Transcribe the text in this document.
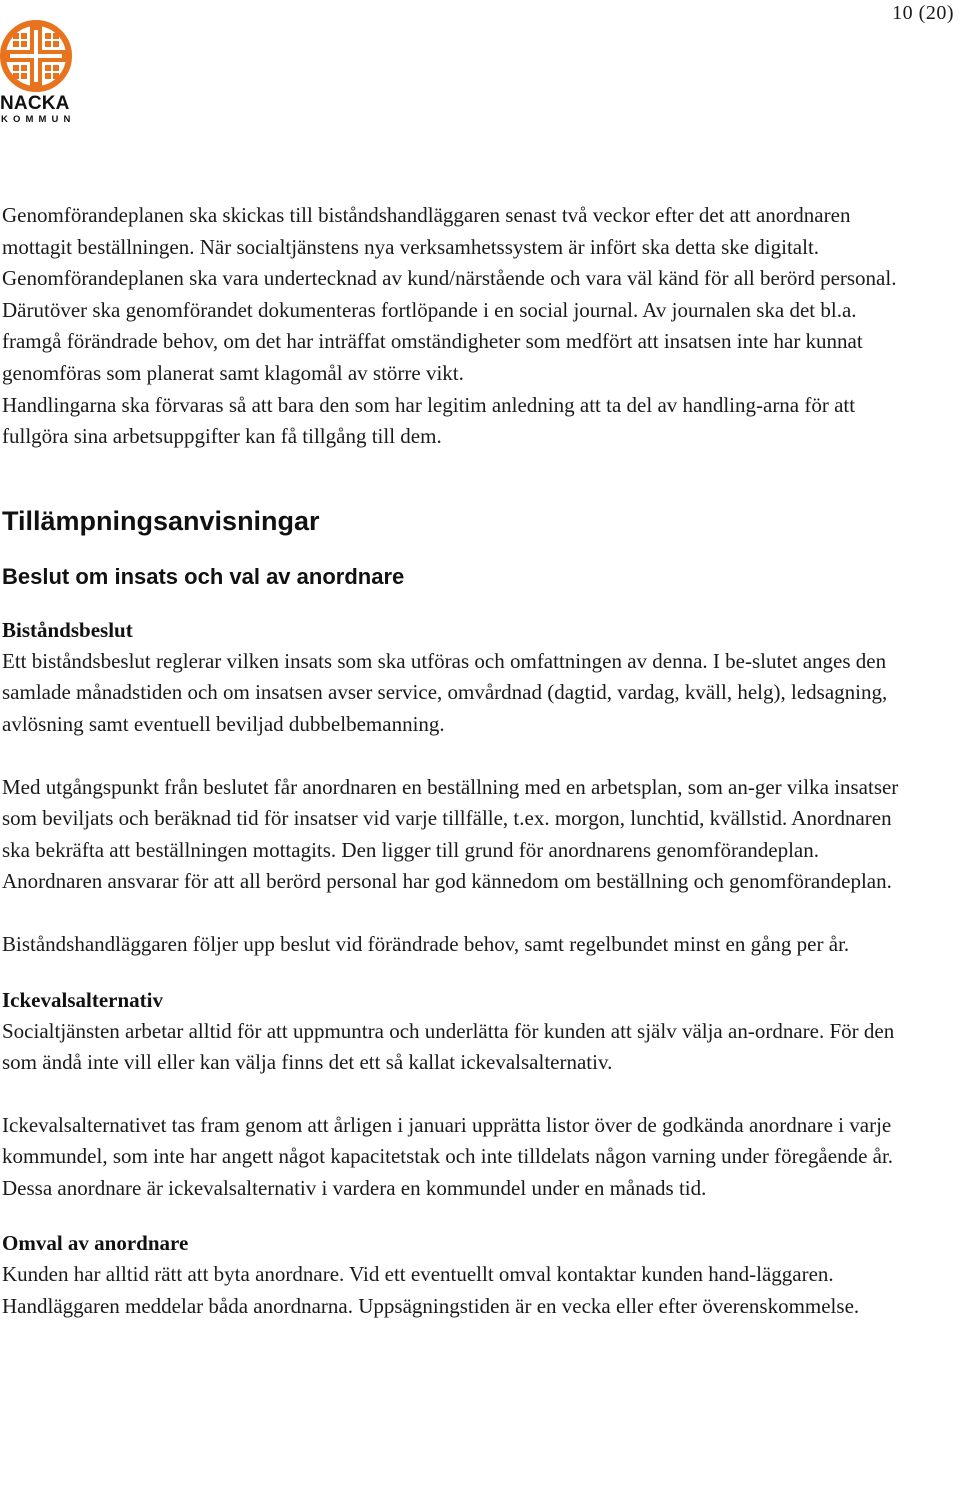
10 (20)
NACKA
KOMMUN

Genomförandeplanen ska skickas till biståndshandläggaren senast två veckor efter det att anordnaren mottagit beställningen. När socialtjänstens nya verksamhetssystem är infört ska detta ske digitalt. Genomförandeplanen ska vara undertecknad av kund/närstående och vara väl känd för all berörd personal.

Därutöver ska genomförandet dokumenteras fortlöpande i en social journal. Av journalen ska det bl.a. framgå förändrade behov, om det har inträffat omständigheter som medfört att insatsen inte har kunnat genomföras som planerat samt klagomål av större vikt.

Handlingarna ska förvaras så att bara den som har legitim anledning att ta del av handling-arna för att fullgöra sina arbetsuppgifter kan få tillgång till dem.

Tillämpningsanvisningar
Beslut om insats och val av anordnare
Biståndsbeslut

Ett biståndsbeslut reglerar vilken insats som ska utföras och omfattningen av denna. I be-slutet anges den samlade månadstiden och om insatsen avser service, omvårdnad (dagtid, vardag, kväll, helg), ledsagning, avlösning samt eventuell beviljad dubbelbemanning.

Med utgångspunkt från beslutet får anordnaren en beställning med en arbetsplan, som an-ger vilka insatser som beviljats och beräknad tid för insatser vid varje tillfälle, t.ex. morgon, lunchtid, kvällstid. Anordnaren ska bekräfta att beställningen mottagits. Den ligger till grund för anordnarens genomförandeplan. Anordnaren ansvarar för att all berörd personal har god kännedom om beställning och genomförandeplan.

Biståndshandläggaren följer upp beslut vid förändrade behov, samt regelbundet minst en gång per år.

Ickevalsalternativ

Socialtjänsten arbetar alltid för att uppmuntra och underlätta för kunden att själv välja an-ordnare. För den som ändå inte vill eller kan välja finns det ett så kallat ickevalsalternativ.

Ickevalsalternativet tas fram genom att årligen i januari upprätta listor över de godkända anordnare i varje kommundel, som inte har angett något kapacitetstak och inte tilldelats någon varning under föregående år. Dessa anordnare är ickevalsalternativ i vardera en kommundel under en månads tid.

Omval av anordnare

Kunden har alltid rätt att byta anordnare. Vid ett eventuellt omval kontaktar kunden hand-läggaren. Handläggaren meddelar båda anordnarna. Uppsägningstiden är en vecka eller efter överenskommelse.
